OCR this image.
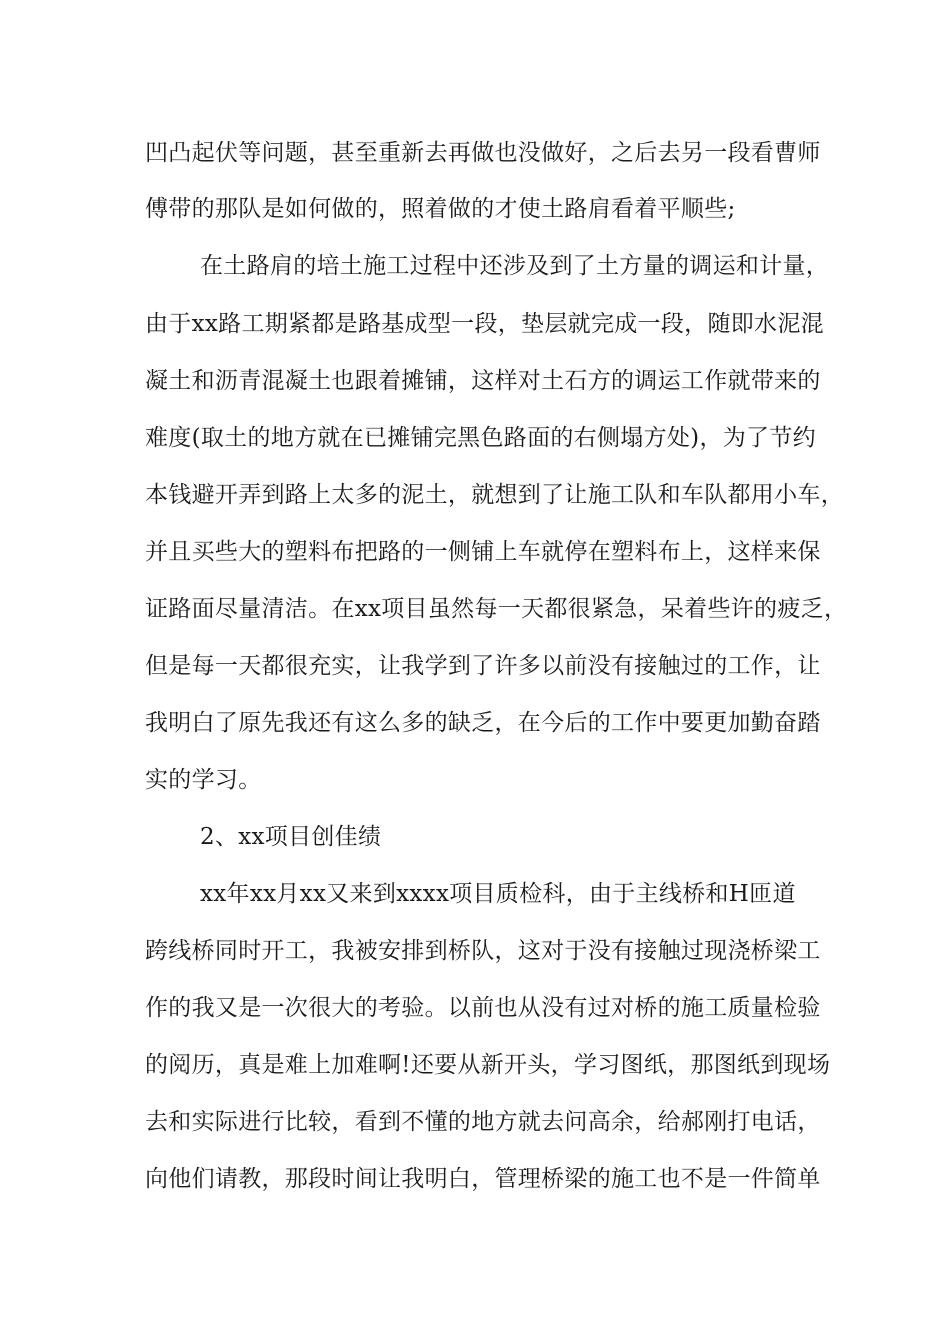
凹凸起伏等问题，甚至重新去再做也没做好，之后去另一段看曹师
傅带的那队是如何做的，照着做的才使土路肩看着平顺些;
在土路肩的培土施工过程中还涉及到了土方量的调运和计量，
由于xx路工期紧都是路基成型一段，垫层就完成一段，随即水泥混
凝土和沥青混凝土也跟着摊铺，这样对土石方的调运工作就带来的
难度(取土的地方就在已摊铺完黑色路面的右侧塌方处)，为了节约
本钱避开弄到路上太多的泥土，就想到了让施工队和车队都用小车，
并且买些大的塑料布把路的一侧铺上车就停在塑料布上，这样来保
证路面尽量清洁。在xx项目虽然每一天都很紧急，呆着些许的疲乏，
但是每一天都很充实，让我学到了许多以前没有接触过的工作，让
我明白了原先我还有这么多的缺乏，在今后的工作中要更加勤奋踏
实的学习。
2、xx项目创佳绩
xx年xx月xx又来到xxxx项目质检科，由于主线桥和H匝道
跨线桥同时开工，我被安排到桥队，这对于没有接触过现浇桥梁工
作的我又是一次很大的考验。以前也从没有过对桥的施工质量检验
的阅历，真是难上加难啊!还要从新开头，学习图纸，那图纸到现场
去和实际进行比较，看到不懂的地方就去问高余，给郝刚打电话，
向他们请教，那段时间让我明白，管理桥梁的施工也不是一件简单
